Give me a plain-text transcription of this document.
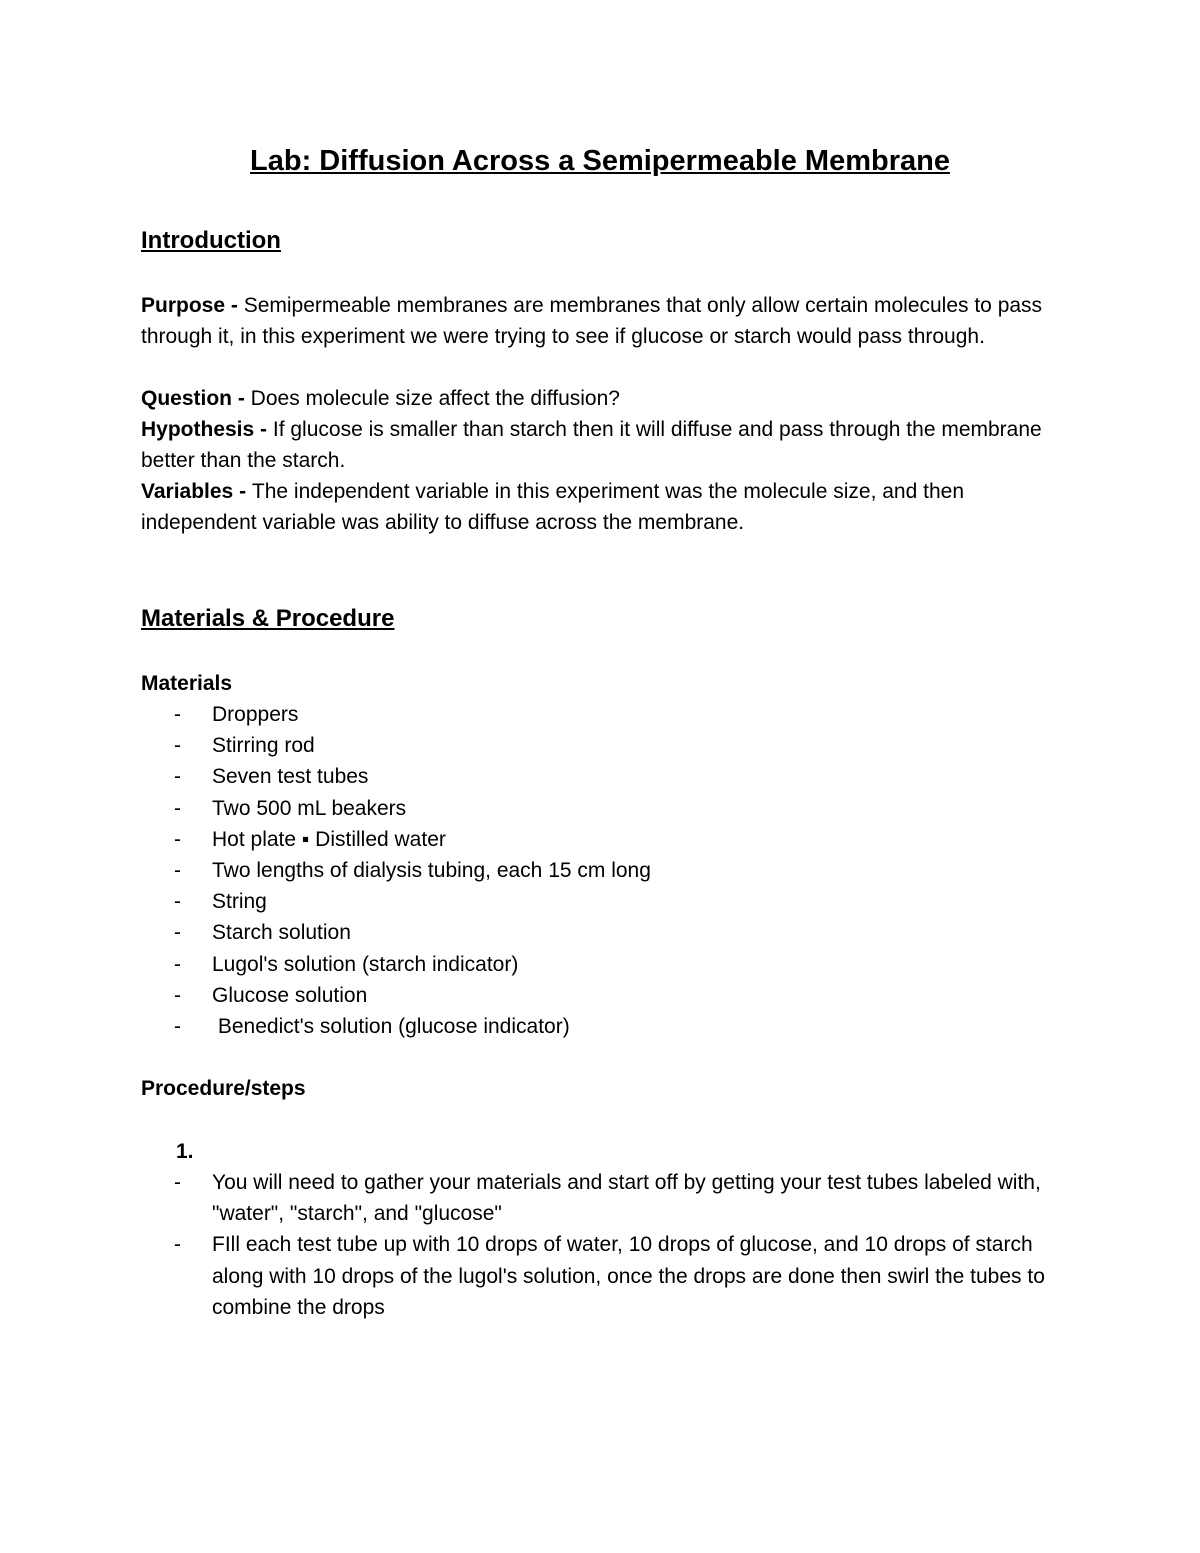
Lab: Diffusion Across a Semipermeable Membrane
Introduction

Purpose - Semipermeable membranes are membranes that only allow certain molecules to pass through it, in this experiment we were trying to see if glucose or starch would pass through.

Question - Does molecule size affect the diffusion?

Hypothesis - If glucose is smaller than starch then it will diffuse and pass through the membrane better than the starch.

Variables - The independent variable in this experiment was the molecule size, and then independent variable was ability to diffuse across the membrane.

Materials & Procedure
Materials
- Droppers
- Stirring rod
- Seven test tubes
- Two 500 mL beakers
- Hot plate ▪ Distilled water
- Two lengths of dialysis tubing, each 15 cm long
- String
- Starch solution
- Lugol's solution (starch indicator)
- Glucose solution
- Benedict's solution (glucose indicator)
Procedure/steps
1.
- You will need to gather your materials and start off by getting your test tubes labeled with, "water", "starch", and "glucose"
- FIll each test tube up with 10 drops of water, 10 drops of glucose, and 10 drops of starch along with 10 drops of the lugol's solution, once the drops are done then swirl the tubes to combine the drops
